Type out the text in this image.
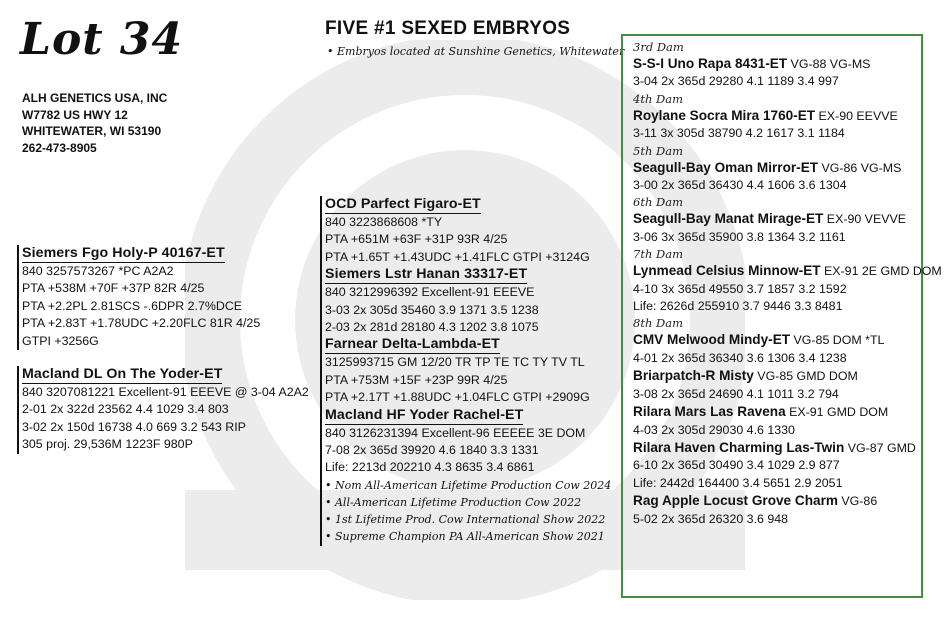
Lot 34
ALH GENETICS USA, INC
W7782 US HWY 12
WHITEWATER, WI 53190
262-473-8905
FIVE #1 SEXED EMBRYOS
• Embryos located at Sunshine Genetics, Whitewater
Siemers Fgo Holy-P 40167-ET
840 3257573267 *PC A2A2
PTA +538M +70F +37P 82R 4/25
PTA +2.2PL 2.81SCS -.6DPR 2.7%DCE
PTA +2.83T +1.78UDC +2.20FLC 81R 4/25
GTPI +3256G
Macland DL On The Yoder-ET
840 3207081221 Excellent-91 EEEVE @ 3-04 A2A2
2-01 2x 322d 23562 4.4 1029 3.4 803
3-02 2x 150d 16738 4.0 669 3.2 543 RIP
305 proj. 29,536M 1223F 980P
OCD Parfect Figaro-ET
840 3223868608 *TY
PTA +651M +63F +31P 93R 4/25
PTA +1.65T +1.43UDC +1.41FLC GTPI +3124G
Siemers Lstr Hanan 33317-ET
840 3212996392 Excellent-91 EEEVE
3-03 2x 305d 35460 3.9 1371 3.5 1238
2-03 2x 281d 28180 4.3 1202 3.8 1075
Farnear Delta-Lambda-ET
3125993715 GM 12/20 TR TP TE TC TY TV TL
PTA +753M +15F +23P 99R 4/25
PTA +2.17T +1.88UDC +1.04FLC GTPI +2909G
Macland HF Yoder Rachel-ET
840 3126231394 Excellent-96 EEEEE 3E DOM
7-08 2x 365d 39920 4.6 1840 3.3 1331
Life: 2213d 202210 4.3 8635 3.4 6861
• Nom All-American Lifetime Production Cow 2024
• All-American Lifetime Production Cow 2022
• 1st Lifetime Prod. Cow International Show 2022
• Supreme Champion PA All-American Show 2021
3rd Dam
S-S-I Uno Rapa 8431-ET VG-88 VG-MS
3-04 2x 365d 29280 4.1 1189 3.4 997
4th Dam
Roylane Socra Mira 1760-ET EX-90 EEVVE
3-11 3x 305d 38790 4.2 1617 3.1 1184
5th Dam
Seagull-Bay Oman Mirror-ET VG-86 VG-MS
3-00 2x 365d 36430 4.4 1606 3.6 1304
6th Dam
Seagull-Bay Manat Mirage-ET EX-90 VEVVE
3-06 3x 365d 35900 3.8 1364 3.2 1161
7th Dam
Lynmead Celsius Minnow-ET EX-91 2E GMD DOM
4-10 3x 365d 49550 3.7 1857 3.2 1592
Life: 2626d 255910 3.7 9446 3.3 8481
8th Dam
CMV Melwood Mindy-ET VG-85 DOM *TL
4-01 2x 365d 36340 3.6 1306 3.4 1238
Briarpatch-R Misty VG-85 GMD DOM
3-08 2x 365d 24690 4.1 1011 3.2 794
Rilara Mars Las Ravena EX-91 GMD DOM
4-03 2x 305d 29030 4.6 1330
Rilara Haven Charming Las-Twin VG-87 GMD
6-10 2x 365d 30490 3.4 1029 2.9 877
Life: 2442d 164400 3.4 5651 2.9 2051
Rag Apple Locust Grove Charm VG-86
5-02 2x 365d 26320 3.6 948
